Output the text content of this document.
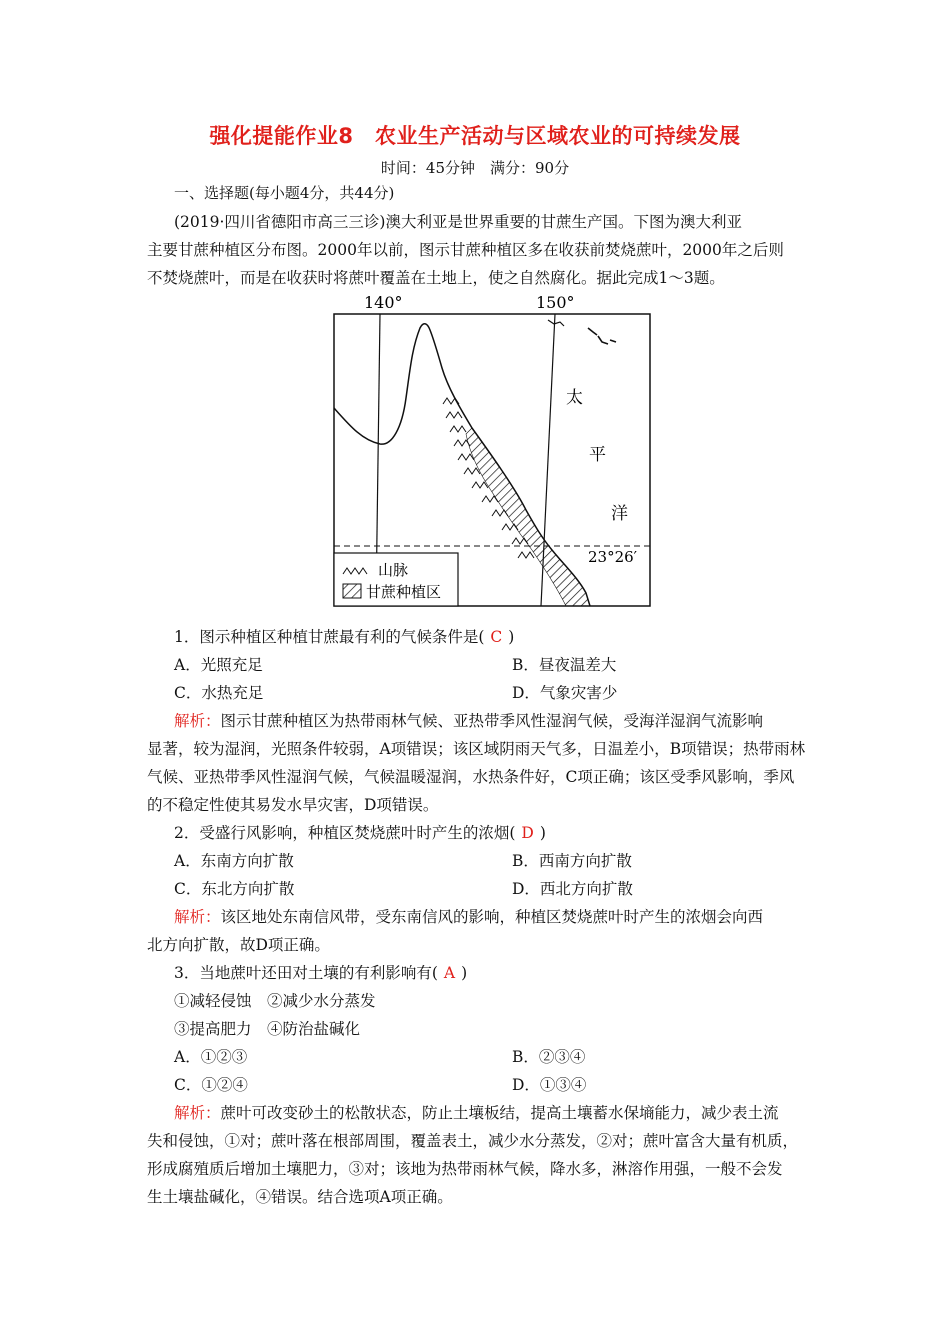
强化提能作业8　农业生产活动与区域农业的可持续发展
时间：45分钟　满分：90分
一、选择题(每小题4分，共44分)
(2019·四川省德阳市高三三诊)澳大利亚是世界重要的甘蔗生产国。下图为澳大利亚
主要甘蔗种植区分布图。2000年以前，图示甘蔗种植区多在收获前焚烧蔗叶，2000年之后则
不焚烧蔗叶，而是在收获时将蔗叶覆盖在土地上，使之自然腐化。据此完成1～3题。
140°	150°
太
平
洋
23°26′
山脉
甘蔗种植区
1．图示种植区种植甘蔗最有利的气候条件是( C )
A．光照充足	B．昼夜温差大
C．水热充足	D．气象灾害少
解析：图示甘蔗种植区为热带雨林气候、亚热带季风性湿润气候，受海洋湿润气流影响
显著，较为湿润，光照条件较弱，A项错误；该区域阴雨天气多，日温差小，B项错误；热带雨林
气候、亚热带季风性湿润气候，气候温暖湿润，水热条件好，C项正确；该区受季风影响，季风
的不稳定性使其易发水旱灾害，D项错误。
2．受盛行风影响，种植区焚烧蔗叶时产生的浓烟( D )
A．东南方向扩散	B．西南方向扩散
C．东北方向扩散	D．西北方向扩散
解析：该区地处东南信风带，受东南信风的影响，种植区焚烧蔗叶时产生的浓烟会向西
北方向扩散，故D项正确。
3．当地蔗叶还田对土壤的有利影响有( A )
①减轻侵蚀　②减少水分蒸发
③提高肥力　④防治盐碱化
A．①②③	B．②③④
C．①②④	D．①③④
解析：蔗叶可改变砂土的松散状态，防止土壤板结，提高土壤蓄水保墒能力，减少表土流
失和侵蚀，①对；蔗叶落在根部周围，覆盖表土，减少水分蒸发，②对；蔗叶富含大量有机质，
形成腐殖质后增加土壤肥力，③对；该地为热带雨林气候，降水多，淋溶作用强，一般不会发
生土壤盐碱化，④错误。结合选项A项正确。
